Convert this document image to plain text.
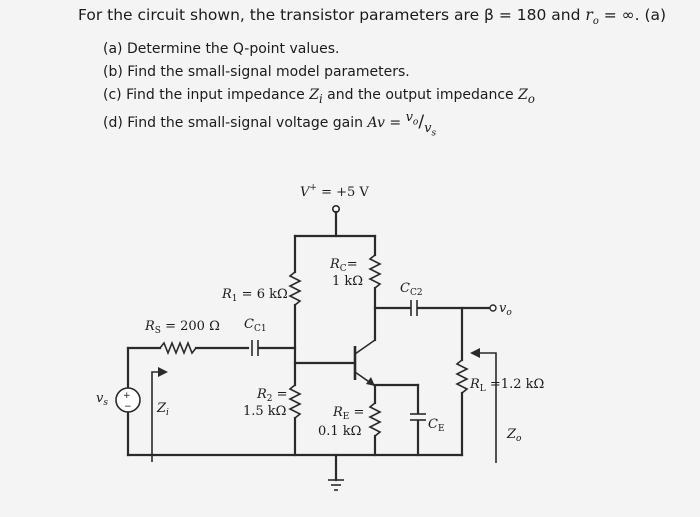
For the circuit shown, the transistor parameters are β = 180 and $r_o$ = ∞. (a)
(a) Determine the Q-point values.
(b) Find the small-signal model parameters.
(c) Find the input impedance $Z_i$ and the output impedance $Z_o$
(d) Find the small-signal voltage gain $Av = v_o/v_s$
V+ = +5 V
$R_1 = 6$ kΩ
$R_C=$
1 kΩ	$C_{C2}$
$v_o$
$R_L =1.2$ kΩ
$Z_o$
$R_S = 200$ Ω $C_{C1}$
$R_E$ =
0.1 kΩ	$C_E$
$R_2$ =
1.5 kΩ
+
−
$v_s$	$Z_i$
